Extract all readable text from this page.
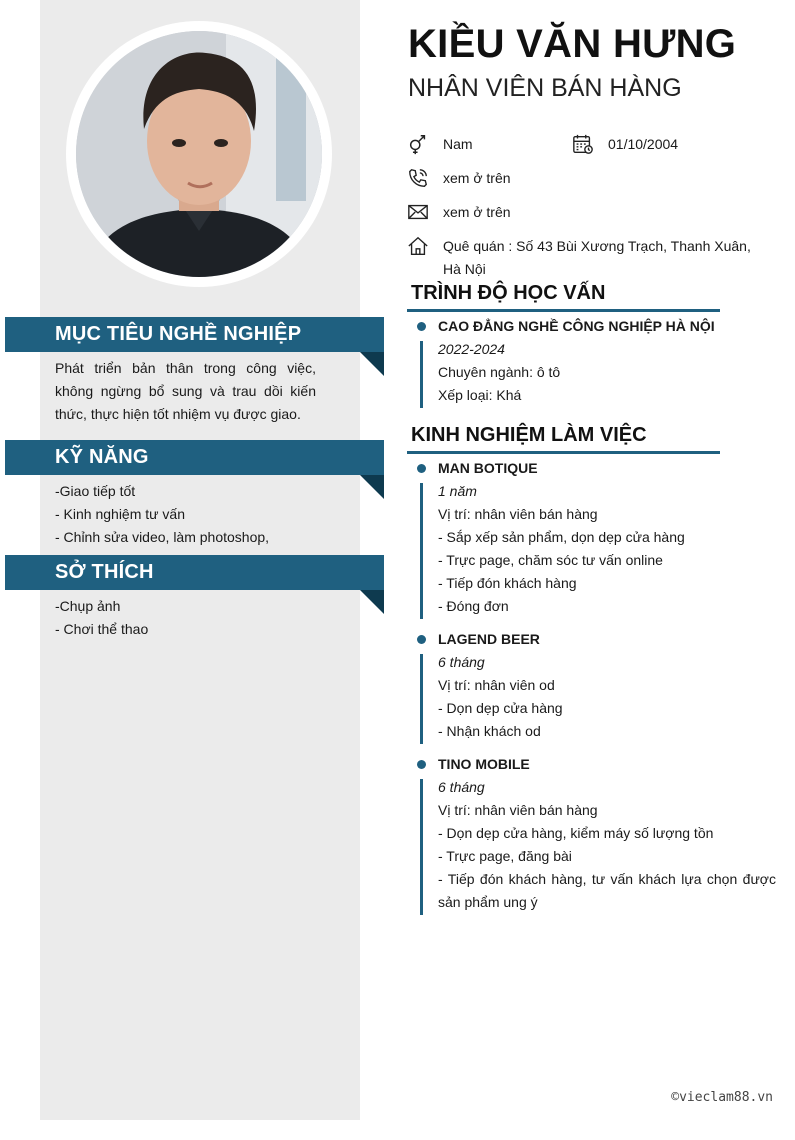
MỤC TIÊU NGHỀ NGHIỆP
Phát triển bản thân trong công việc, không ngừng bổ sung và trau dồi kiến thức, thực hiện tốt nhiệm vụ được giao.
KỸ NĂNG
-Giao tiếp tốt
- Kinh nghiệm tư vấn
- Chỉnh sửa video, làm photoshop,
SỞ THÍCH
-Chụp ảnh
- Chơi thể thao
KIỀU VĂN HƯNG
NHÂN VIÊN BÁN HÀNG
Nam	01/10/2004
xem ở trên
xem ở trên
Quê quán : Số 43 Bùi Xương Trạch, Thanh Xuân, Hà Nội
TRÌNH ĐỘ HỌC VẤN
CAO ĐẲNG NGHỀ CÔNG NGHIỆP HÀ NỘI
2022-2024
Chuyên ngành: ô tô
Xếp loại: Khá
KINH NGHIỆM LÀM VIỆC
MAN BOTIQUE
1 năm
Vị trí: nhân viên bán hàng
- Sắp xếp sản phẩm, dọn dẹp cửa hàng
- Trực page, chăm sóc tư vấn online
- Tiếp đón khách hàng
- Đóng đơn
LAGEND BEER
6 tháng
Vị trí: nhân viên od
- Dọn dẹp cửa hàng
- Nhận khách od
TINO MOBILE
6 tháng
Vị trí: nhân viên bán hàng
- Dọn dẹp cửa hàng, kiểm máy số lượng tồn
- Trực page, đăng bài
- Tiếp đón khách hàng, tư vấn khách lựa chọn được sản phẩm ung ý
©vieclam88.vn
